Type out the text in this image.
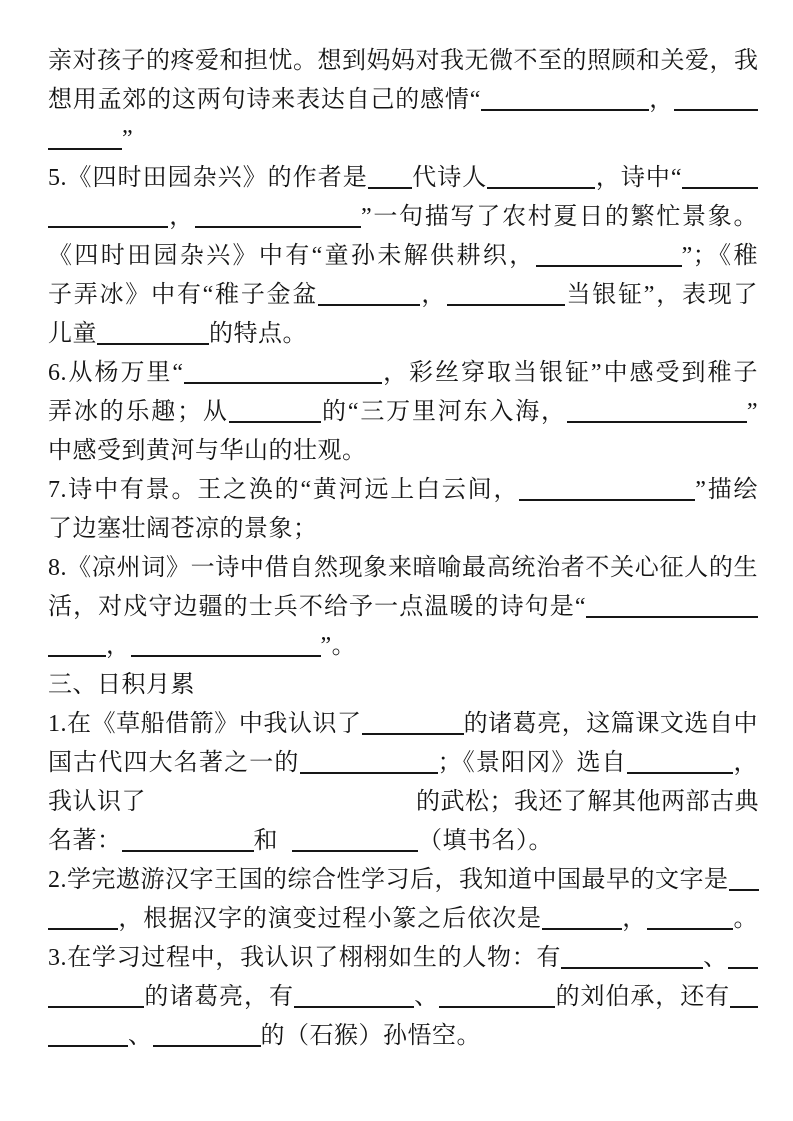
亲对孩子的疼爱和担忧。想到妈妈对我无微不至的照顾和关爱，我
想用孟郊的这两句诗来表达自己的感情“	，
”
5.《四时田园杂兴》的作者是 代诗人	，诗中“
，	”一句描写了农村夏日的繁忙景象。
《四时田园杂兴》中有“童孙未解供耕织，	”；《稚
子弄冰》中有“稚子金盆	，	当银钲”，表现了
儿童	的特点。
6.从杨万里“	，彩丝穿取当银钲”中感受到稚子
弄冰的乐趣；从	的“三万里河东入海，	”
中感受到黄河与华山的壮观。
7.诗中有景。王之涣的“黄河远上白云间，	”描绘
了边塞壮阔苍凉的景象；
8.《凉州词》一诗中借自然现象来暗喻最高统治者不关心征人的生
活，对戍守边疆的士兵不给予一点温暖的诗句是“
，	”。
三、日积月累
1.在《草船借箭》中我认识了	的诸葛亮，这篇课文选自中
国古代四大名著之一的	；《景阳冈》选自	，
我认识了	的武松；我还了解其他两部古典
名著：	和	（填书名）。
2.学完遨游汉字王国的综合性学习后，我知道中国最早的文字是
，根据汉字的演变过程小篆之后依次是	，	。
3.在学习过程中，我认识了栩栩如生的人物：有	、
的诸葛亮，有	、	的刘伯承，还有
、	的（石猴）孙悟空。
